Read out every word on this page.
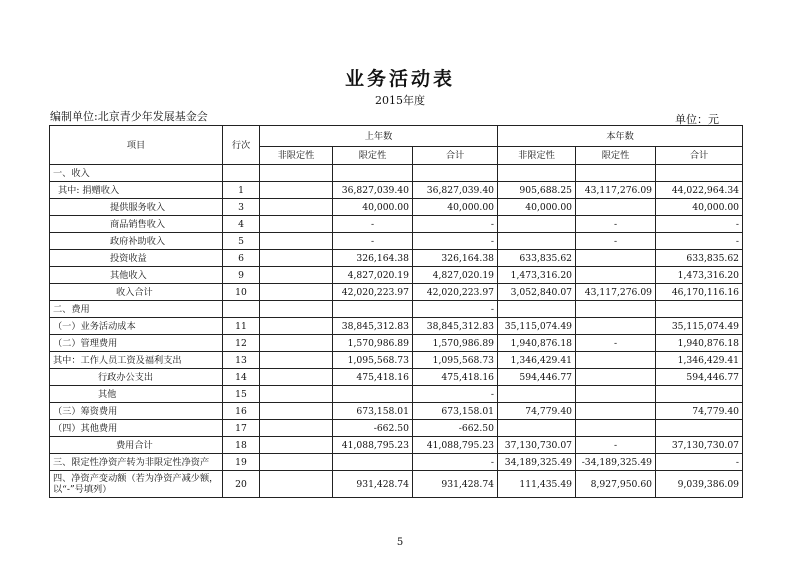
业务活动表
2015年度
编制单位:北京青少年发展基金会	单位：元
项目	行次	上年数			本年数		
		非限定性	限定性	合计	非限定性	限定性	合计
一、收入							
其中: 捐赠收入	1		36,827,039.40	36,827,039.40	905,688.25	43,117,276.09	44,022,964.34
提供服务收入	3		40,000.00	40,000.00	40,000.00		40,000.00
商品销售收入	4		-	-		-	-
政府补助收入	5		-	-		-	-
投资收益	6		326,164.38	326,164.38	633,835.62		633,835.62
其他收入	9		4,827,020.19	4,827,020.19	1,473,316.20		1,473,316.20
收入合计	10		42,020,223.97	42,020,223.97	3,052,840.07	43,117,276.09	46,170,116.16
二、费用				-			
（一）业务活动成本	11		38,845,312.83	38,845,312.83	35,115,074.49		35,115,074.49
（二）管理费用	12		1,570,986.89	1,570,986.89	1,940,876.18	-	1,940,876.18
其中：工作人员工资及福利支出	13		1,095,568.73	1,095,568.73	1,346,429.41		1,346,429.41
行政办公支出	14		475,418.16	475,418.16	594,446.77		594,446.77
其他	15			-			
（三）筹资费用	16		673,158.01	673,158.01	74,779.40		74,779.40
（四）其他费用	17		-662.50	-662.50			
费用合计	18		41,088,795.23	41,088,795.23	37,130,730.07	-	37,130,730.07
三、限定性净资产转为非限定性净资产	19			-	34,189,325.49	-34,189,325.49	-
四、净资产变动额（若为净资产减少额，以“-”号填列）	20		931,428.74	931,428.74	111,435.49	8,927,950.60	9,039,386.09
5
